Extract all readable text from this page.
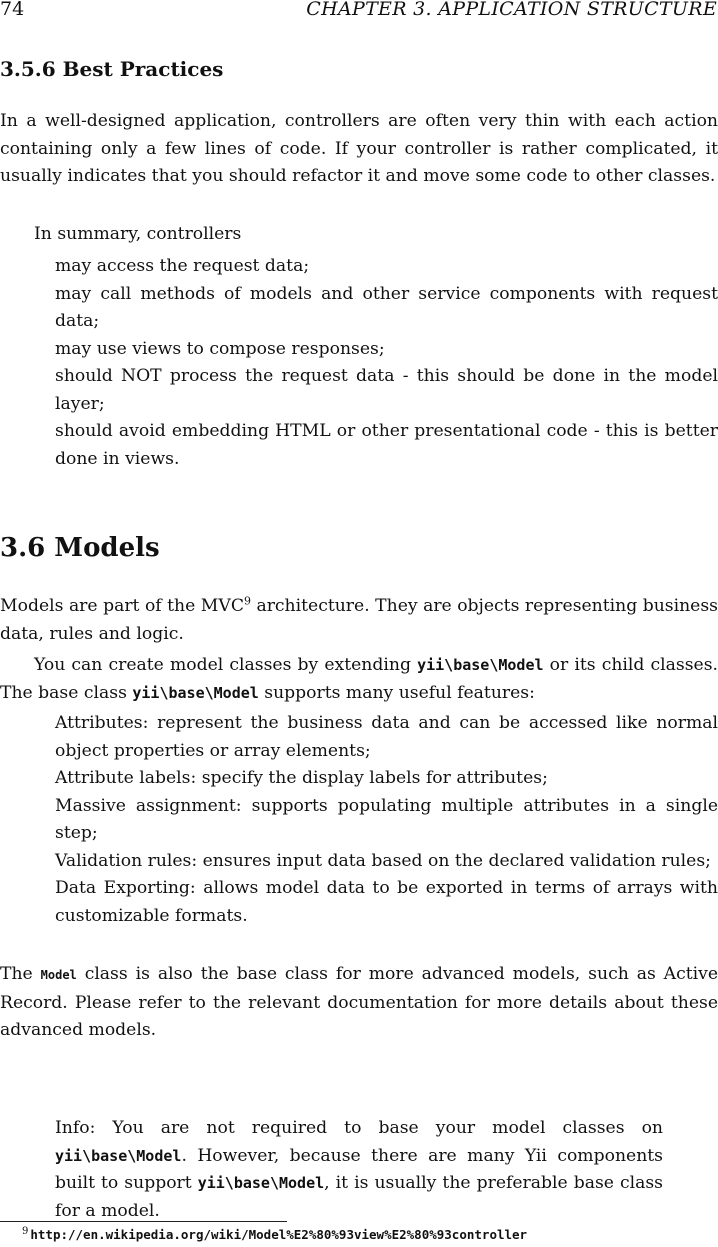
74	CHAPTER 3. APPLICATION STRUCTURE
3.5.6 Best Practices

In a well-designed application, controllers are often very thin with each action containing only a few lines of code. If your controller is rather complicated, it usually indicates that you should refactor it and move some code to other classes.

In summary, controllers

may access the request data;
may call methods of models and other service components with request data;
may use views to compose responses;
should NOT process the request data - this should be done in the model layer;
should avoid embedding HTML or other presentational code - this is better done in views.
3.6 Models

Models are part of the MVC$^9$ architecture. They are objects representing business data, rules and logic.

You can create model classes by extending yii\base\Model or its child classes. The base class yii\base\Model supports many useful features:

Attributes: represent the business data and can be accessed like normal object properties or array elements;
Attribute labels: specify the display labels for attributes;
Massive assignment: supports populating multiple attributes in a single step;
Validation rules: ensures input data based on the declared validation rules;
Data Exporting: allows model data to be exported in terms of arrays with customizable formats.

The Model class is also the base class for more advanced models, such as Active Record. Please refer to the relevant documentation for more details about these advanced models.

Info: You are not required to base your model classes on yii\base\Model. However, because there are many Yii components built to support yii\base\Model, it is usually the preferable base class for a model.
$^9$ http://en.wikipedia.org/wiki/Model%E2%80%93view%E2%80%93controller
